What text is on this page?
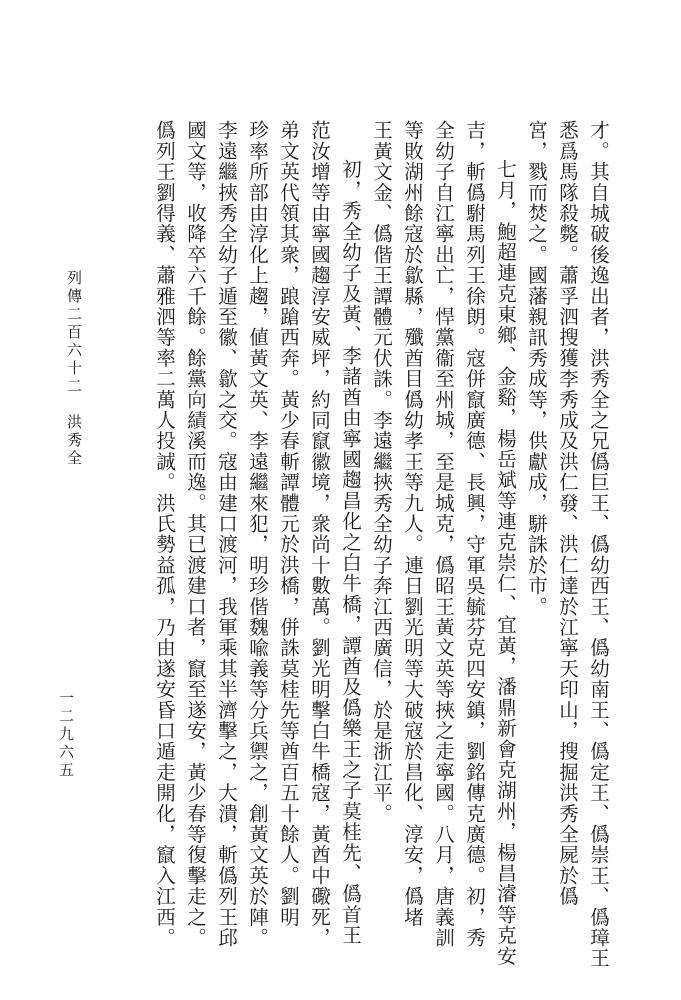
才。其自城破後逸出者，洪秀全之兄僞巨王、僞幼西王、僞幼南王、僞定王、僞崇王、僞璋王
悉爲馬隊殺斃。蕭孚泗搜獲李秀成及洪仁發、洪仁達於江寧天印山，搜掘洪秀全屍於僞
宮，戮而焚之。國藩親訊秀成等，供獻成，駢誅於市。
七月，鮑超連克東鄉、金谿，楊岳斌等連克崇仁、宜黃，潘鼎新會克湖州，楊昌濬等克安
吉，斬僞駙馬列王徐朗。寇併竄廣德、長興，守軍吳毓芬克四安鎮，劉銘傳克廣德。初，秀
全幼子自江寧出亡，悍黨衞至州城，至是城克，僞昭王黃文英等挾之走寧國。八月，唐義訓
等敗湖州餘寇於歙縣，殲酋目僞幼孝王等九人。連日劉光明等大破寇於昌化、淳安，僞堵
王黃文金、僞偕王譚體元伏誅。李遠繼挾秀全幼子奔江西廣信，於是浙江平。
初，秀全幼子及黃、李諸酋由寧國趨昌化之白牛橋，譚酋及僞樂王之子莫桂先、僞首王
范汝增等由寧國趨淳安威坪，約同竄徽境，衆尚十數萬。劉光明擊白牛橋寇，黃酋中礮死，
弟文英代領其衆，踉蹌西奔。黃少春斬譚體元於洪橋，併誅莫桂先等酋百五十餘人。劉明
珍率所部由淳化上趨，値黃文英、李遠繼來犯，明珍偕魏喩義等分兵禦之，創黃文英於陣。
李遠繼挾秀全幼子遁至徽、歙之交。寇由建口渡河，我軍乘其半濟擊之，大潰，斬僞列王邱
國文等，收降卒六千餘。餘黨向績溪而逸。其已渡建口者，竄至遂安，黃少春等復擊走之。
僞列王劉得義、蕭雅泗等率二萬人投誠。洪氏勢益孤，乃由遂安昏口遁走開化，竄入江西。
列傳二百六十二　洪秀全
一二九六五
